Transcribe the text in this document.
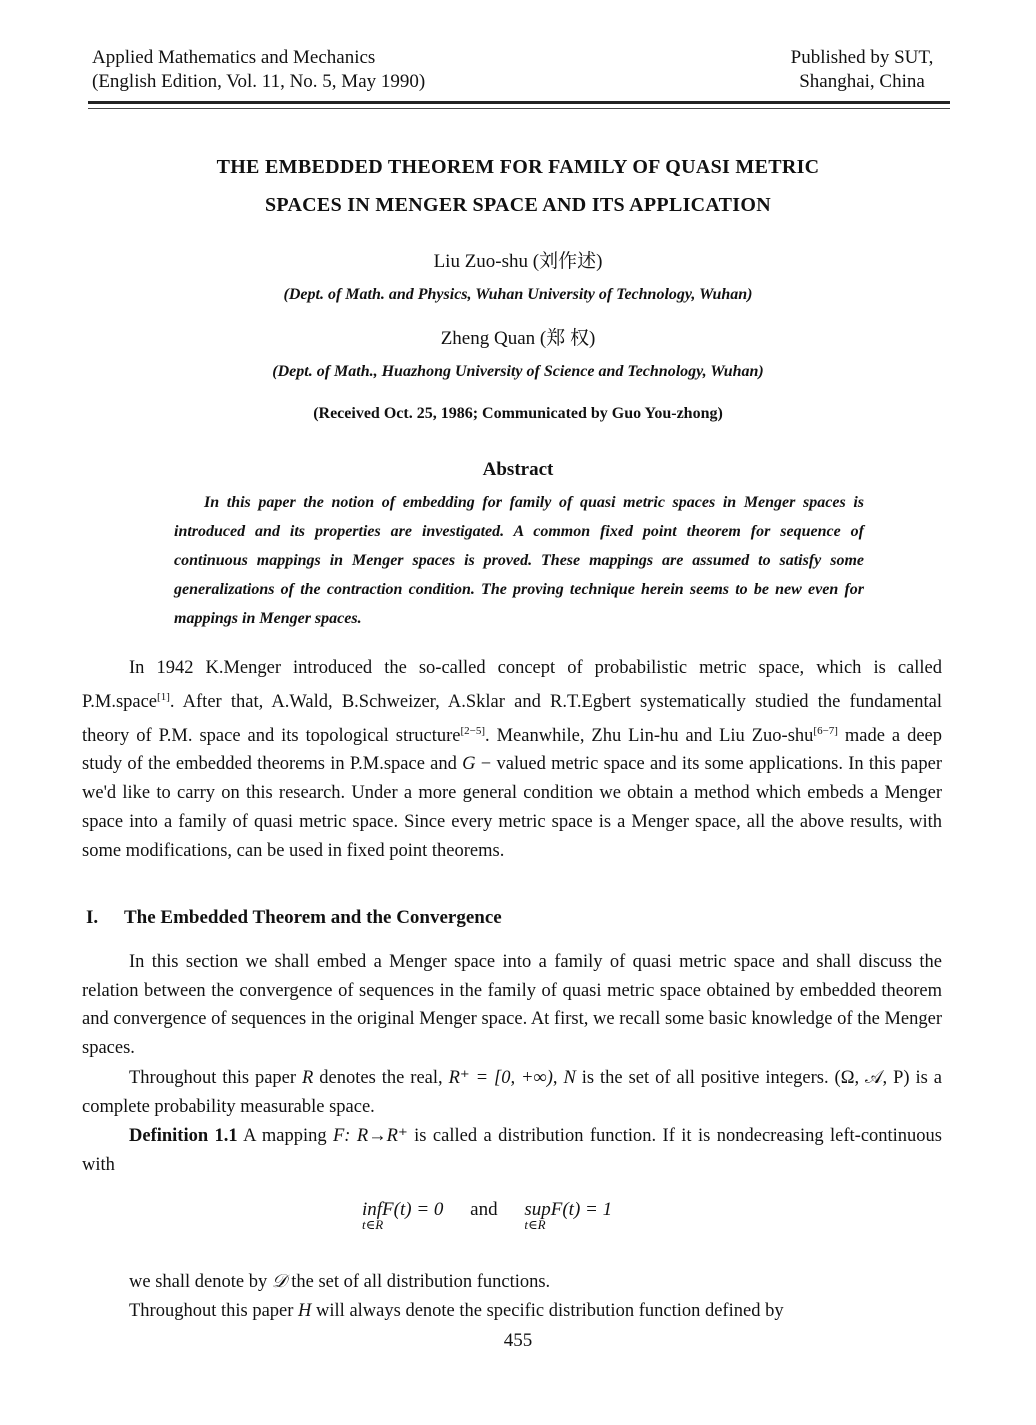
Applied Mathematics and Mechanics
(English Edition, Vol. 11, No. 5, May 1990)
Published by SUT,
Shanghai, China
THE EMBEDDED THEOREM FOR FAMILY OF QUASI METRIC
SPACES IN MENGER SPACE AND ITS APPLICATION
Liu Zuo-shu (刘作述)
(Dept. of Math. and Physics, Wuhan University of Technology, Wuhan)
Zheng Quan (郑 权)
(Dept. of Math., Huazhong University of Science and Technology, Wuhan)
(Received Oct. 25, 1986; Communicated by Guo You-zhong)
Abstract
In this paper the notion of embedding for family of quasi metric spaces in Menger spaces is introduced and its properties are investigated. A common fixed point theorem for sequence of continuous mappings in Menger spaces is proved. These mappings are assumed to satisfy some generalizations of the contraction condition. The proving technique herein seems to be new even for mappings in Menger spaces.
In 1942 K.Menger introduced the so-called concept of probabilistic metric space, which is called P.M.space[1]. After that, A.Wald, B.Schweizer, A.Sklar and R.T.Egbert systematically studied the fundamental theory of P.M. space and its topological structure[2−5]. Meanwhile, Zhu Lin-hu and Liu Zuo-shu[6−7] made a deep study of the embedded theorems in P.M.space and G − valued metric space and its some applications. In this paper we'd like to carry on this research. Under a more general condition we obtain a method which embeds a Menger space into a family of quasi metric space. Since every metric space is a Menger space, all the above results, with some modifications, can be used in fixed point theorems.
I. The Embedded Theorem and the Convergence
In this section we shall embed a Menger space into a family of quasi metric space and shall discuss the relation between the convergence of sequences in the family of quasi metric space obtained by embedded theorem and convergence of sequences in the original Menger space. At first, we recall some basic knowledge of the Menger spaces.
Throughout this paper R denotes the real, R⁺ = [0, +∞), N is the set of all positive integers. (Ω, 𝒜, P) is a complete probability measurable space.
Definition 1.1 A mapping F: R→R⁺ is called a distribution function. If it is nondecreasing left-continuous with
infF(t) = 0
t∈R
and supF(t) = 1
t∈R
we shall denote by 𝒟 the set of all distribution functions.
Throughout this paper H will always denote the specific distribution function defined by
455
